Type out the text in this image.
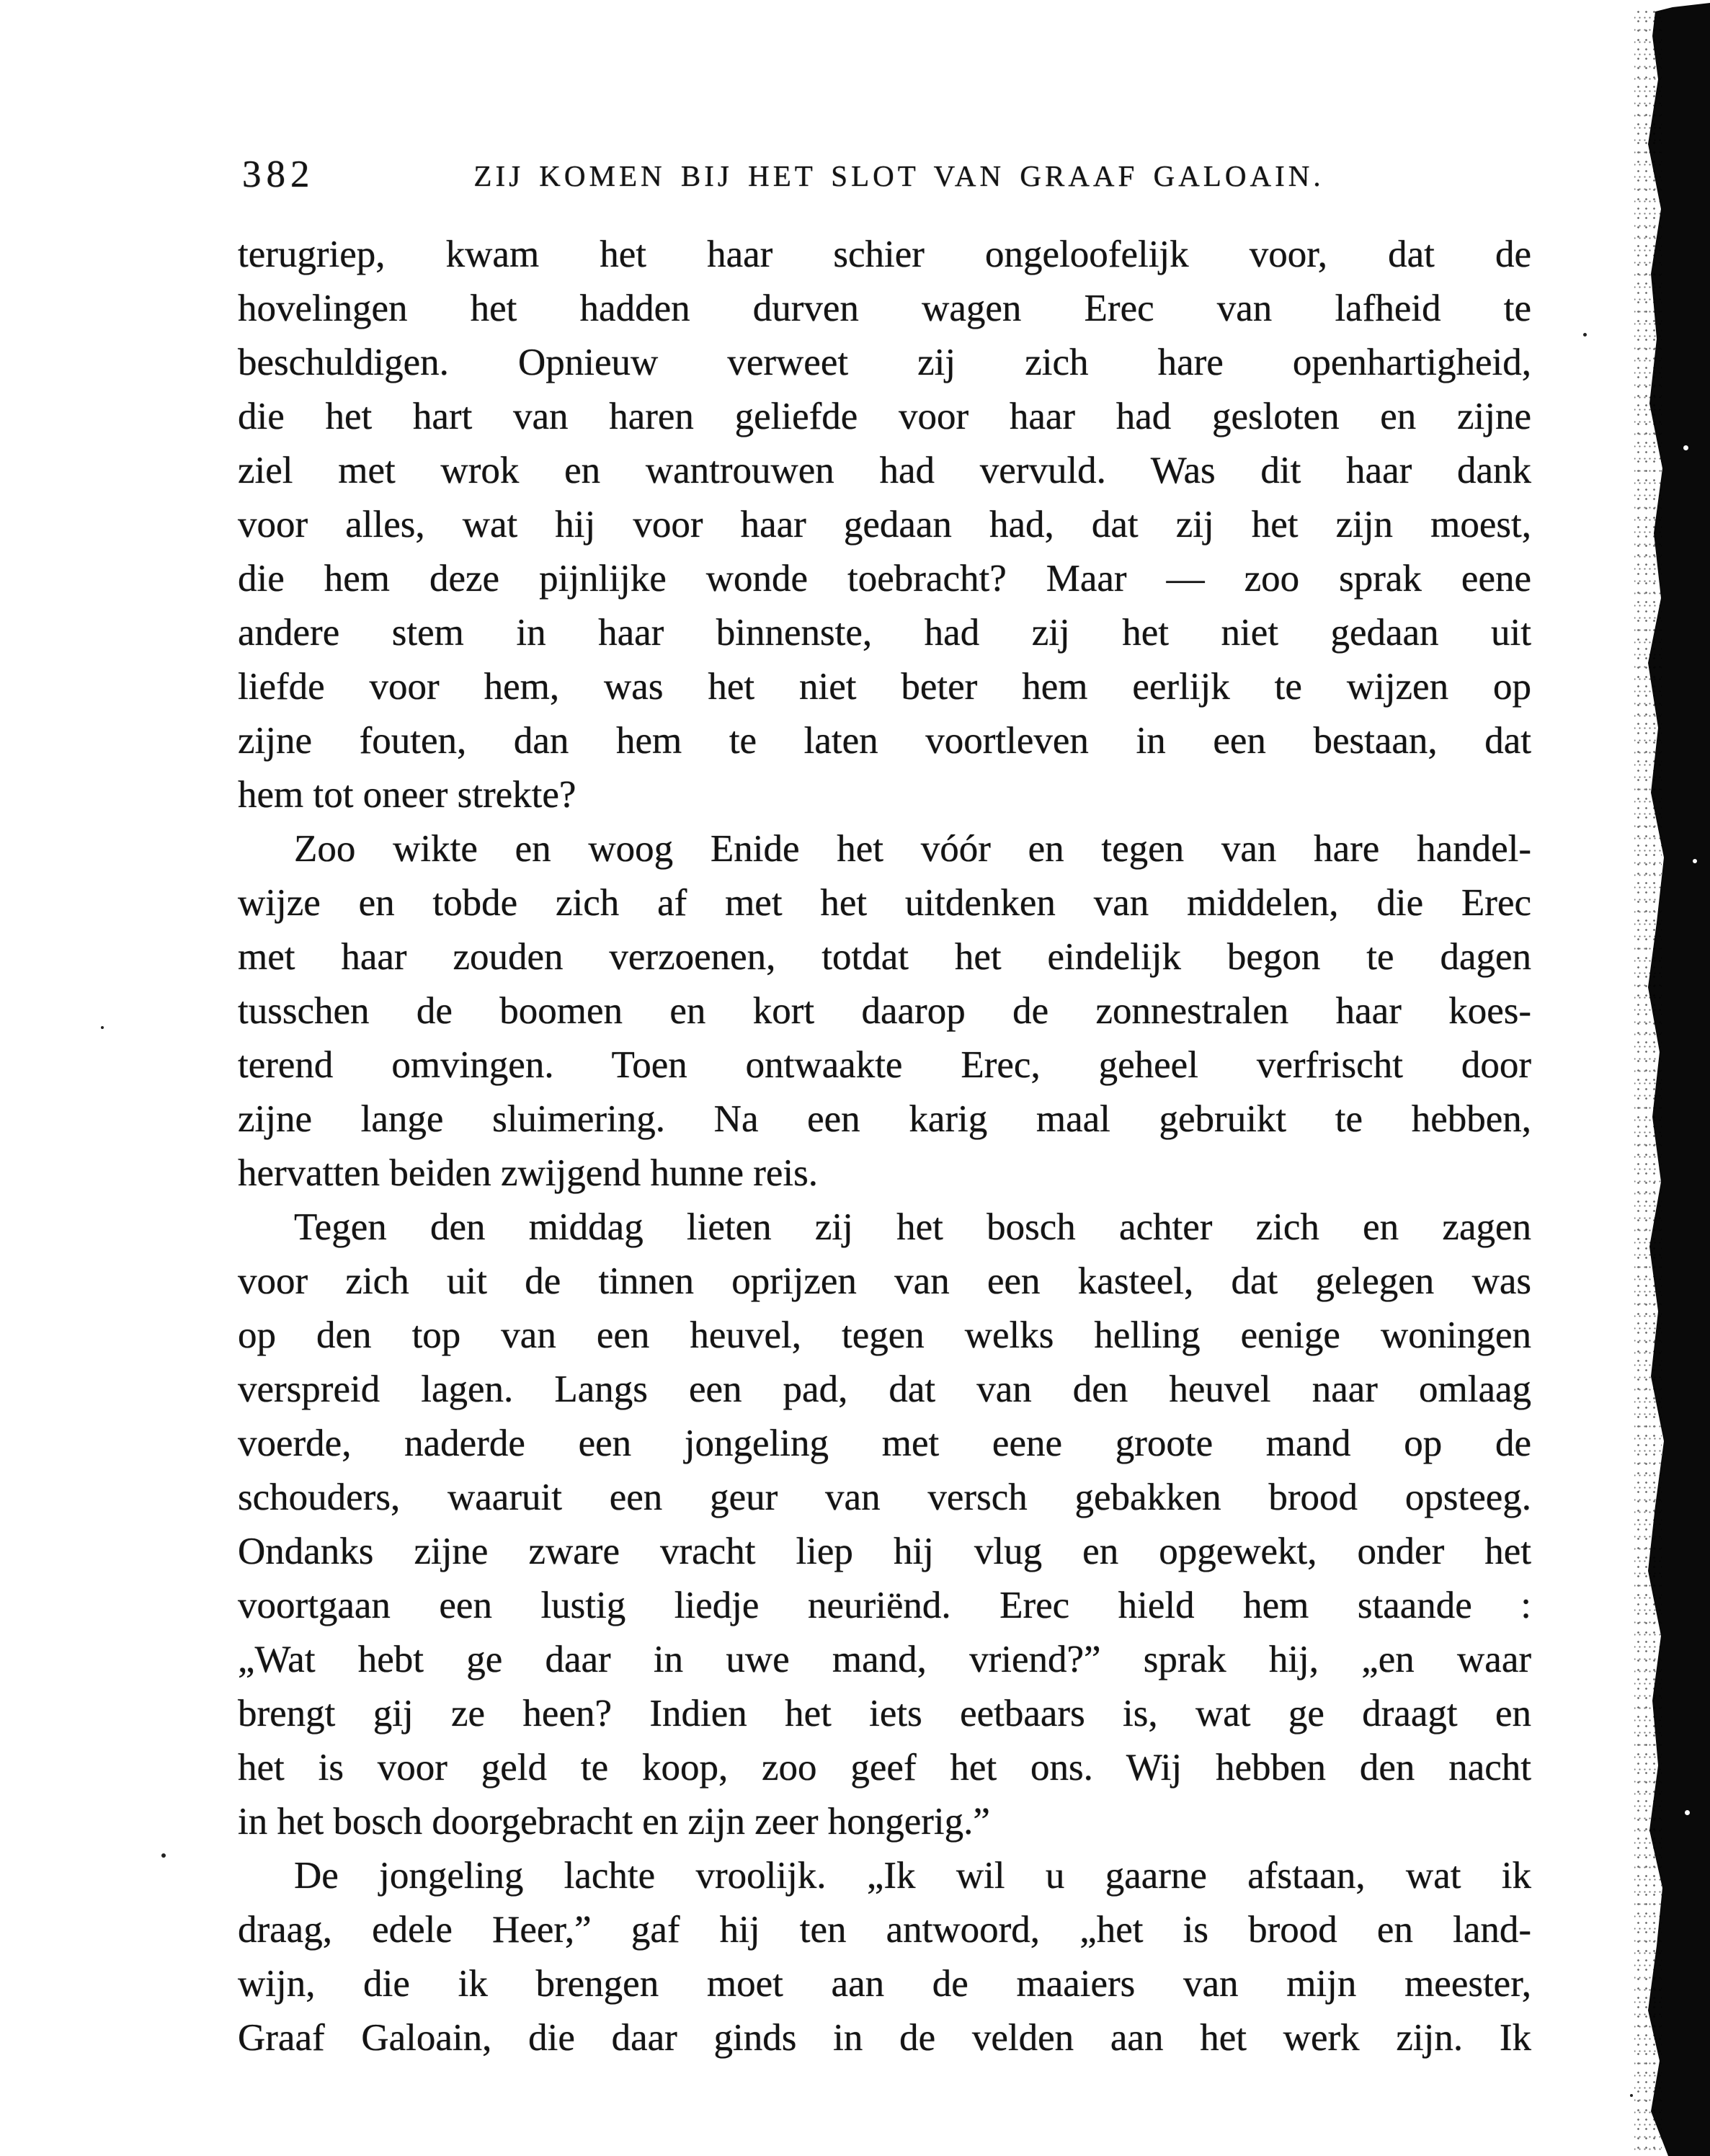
382	ZIJ KOMEN BIJ HET SLOT VAN GRAAF GALOAIN.
terugriep, kwam het haar schier ongeloofelijk voor, dat de
hovelingen het hadden durven wagen Erec van lafheid te
beschuldigen. Opnieuw verweet zij zich hare openhartigheid,
die het hart van haren geliefde voor haar had gesloten en zijne
ziel met wrok en wantrouwen had vervuld. Was dit haar dank
voor alles, wat hij voor haar gedaan had, dat zij het zijn moest,
die hem deze pijnlijke wonde toebracht? Maar — zoo sprak eene
andere stem in haar binnenste, had zij het niet gedaan uit
liefde voor hem, was het niet beter hem eerlijk te wijzen op
zijne fouten, dan hem te laten voortleven in een bestaan, dat
hem tot oneer strekte?
Zoo wikte en woog Enide het vóór en tegen van hare handel-
wijze en tobde zich af met het uitdenken van middelen, die Erec
met haar zouden verzoenen, totdat het eindelijk begon te dagen
tusschen de boomen en kort daarop de zonnestralen haar koes-
terend omvingen. Toen ontwaakte Erec, geheel verfrischt door
zijne lange sluimering. Na een karig maal gebruikt te hebben,
hervatten beiden zwijgend hunne reis.
Tegen den middag lieten zij het bosch achter zich en zagen
voor zich uit de tinnen oprijzen van een kasteel, dat gelegen was
op den top van een heuvel, tegen welks helling eenige woningen
verspreid lagen. Langs een pad, dat van den heuvel naar omlaag
voerde, naderde een jongeling met eene groote mand op de
schouders, waaruit een geur van versch gebakken brood opsteeg.
Ondanks zijne zware vracht liep hij vlug en opgewekt, onder het
voortgaan een lustig liedje neuriënd. Erec hield hem staande :
„Wat hebt ge daar in uwe mand, vriend?” sprak hij, „en waar
brengt gij ze heen? Indien het iets eetbaars is, wat ge draagt en
het is voor geld te koop, zoo geef het ons. Wij hebben den nacht
in het bosch doorgebracht en zijn zeer hongerig.”
De jongeling lachte vroolijk. „Ik wil u gaarne afstaan, wat ik
draag, edele Heer,” gaf hij ten antwoord, „het is brood en land-
wijn, die ik brengen moet aan de maaiers van mijn meester,
Graaf Galoain, die daar ginds in de velden aan het werk zijn. Ik
